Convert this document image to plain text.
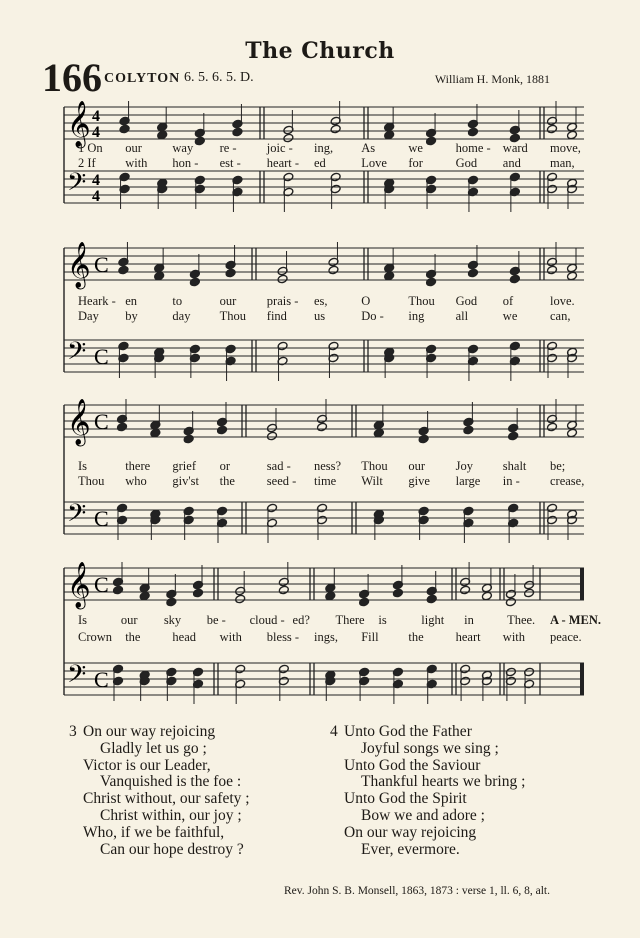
The Church
166 COLYTON 6. 5. 6. 5. D.	William H. Monk, 1881
𝄞
𝄢
4
4
4
4
𝄞
𝄢
C
C
𝄞
𝄢
C
C
𝄞
𝄢
C
C
1 On our way re - joic - ing, As	we	home - ward move,
2 If with hon - est - heart - ed	Love for	God and man,
Heark - en	to	our prais - es,	O	Thou God of	love.
Day by	day Thou find us	Do - ing all	we	can,
Is	there grief or	sad - ness? Thou our Joy shalt be;
Thou who giv'st the	seed - time Wilt give large in - crease,
Is	our sky be - cloud - ed? There is	light in	Thee. A - MEN.
Crown the	head with bless - ings, Fill the	heart with peace.
3 On our way rejoicing
Gladly let us go ;
Victor is our Leader,
Vanquished is the foe :
Christ without, our safety ;
Christ within, our joy ;
Who, if we be faithful,
Can our hope destroy ?
4 Unto God the Father
Joyful songs we sing ;
Unto God the Saviour
Thankful hearts we bring ;
Unto God the Spirit
Bow we and adore ;
On our way rejoicing
Ever, evermore.
Rev. John S. B. Monsell, 1863, 1873 : verse 1, ll. 6, 8, alt.
